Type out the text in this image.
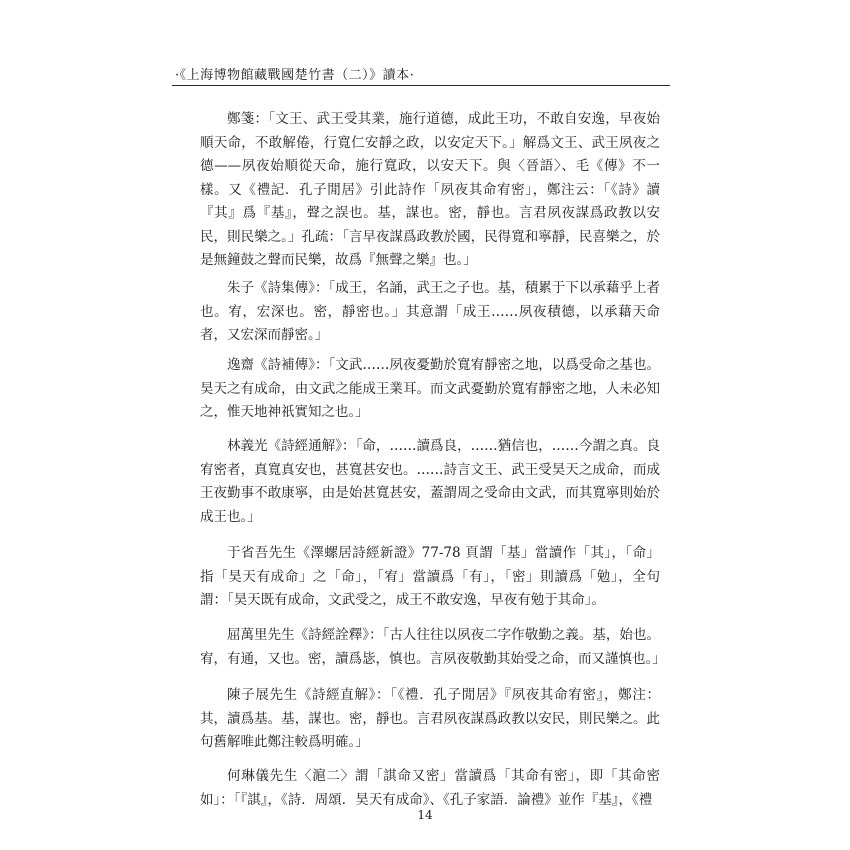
·《上海博物館藏戰國楚竹書（二）》讀本·
鄭箋：「文王、武王受其業，施行道德，成此王功，不敢自安逸，早夜始順天命，不敢解倦，行寬仁安靜之政，以安定天下。」解爲文王、武王夙夜之德——夙夜始順從天命，施行寬政，以安天下。與〈晉語〉、毛《傳》不一樣。又《禮記．孔子閒居》引此詩作「夙夜其命宥密」，鄭注云：「《詩》讀『其』爲『基』，聲之誤也。基，謀也。密，靜也。言君夙夜謀爲政教以安民，則民樂之。」孔疏：「言早夜謀爲政教於國，民得寬和寧靜，民喜樂之，於是無鐘鼓之聲而民樂，故爲『無聲之樂』也。」
朱子《詩集傳》：「成王，名誦，武王之子也。基，積累于下以承藉乎上者也。宥，宏深也。密，靜密也。」其意謂「成王……夙夜積德，以承藉天命者，又宏深而靜密。」
逸齋《詩補傳》：「文武……夙夜憂勤於寬宥靜密之地，以爲受命之基也。昊天之有成命，由文武之能成王業耳。而文武憂勤於寬宥靜密之地，人未必知之，惟天地神祇實知之也。」
林義光《詩經通解》：「命，……讀爲良，……猶信也，……今謂之真。良宥密者，真寬真安也，甚寬甚安也。……詩言文王、武王受昊天之成命，而成王夜勤事不敢康寧，由是始甚寬甚安，蓋謂周之受命由文武，而其寬寧則始於成王也。」
于省吾先生《澤螺居詩經新證》77-78 頁謂「基」當讀作「其」，「命」指「昊天有成命」之「命」，「宥」當讀爲「有」，「密」則讀爲「勉」，全句謂：「昊天既有成命，文武受之，成王不敢安逸，早夜有勉于其命」。
屈萬里先生《詩經詮釋》：「古人往往以夙夜二字作敬勤之義。基，始也。宥，有通，又也。密，讀爲毖，慎也。言夙夜敬勤其始受之命，而又謹慎也。」
陳子展先生《詩經直解》：「《禮．孔子閒居》『夙夜其命宥密』，鄭注：其，讀爲基。基，謀也。密，靜也。言君夙夜謀爲政教以安民，則民樂之。此句舊解唯此鄭注較爲明確。」
何琳儀先生〈滬二〉謂「諆命又密」當讀爲「其命有密」，即「其命密如」：「『諆』，《詩．周頌．昊天有成命》、《孔子家語．論禮》並作『基』，《禮
14
